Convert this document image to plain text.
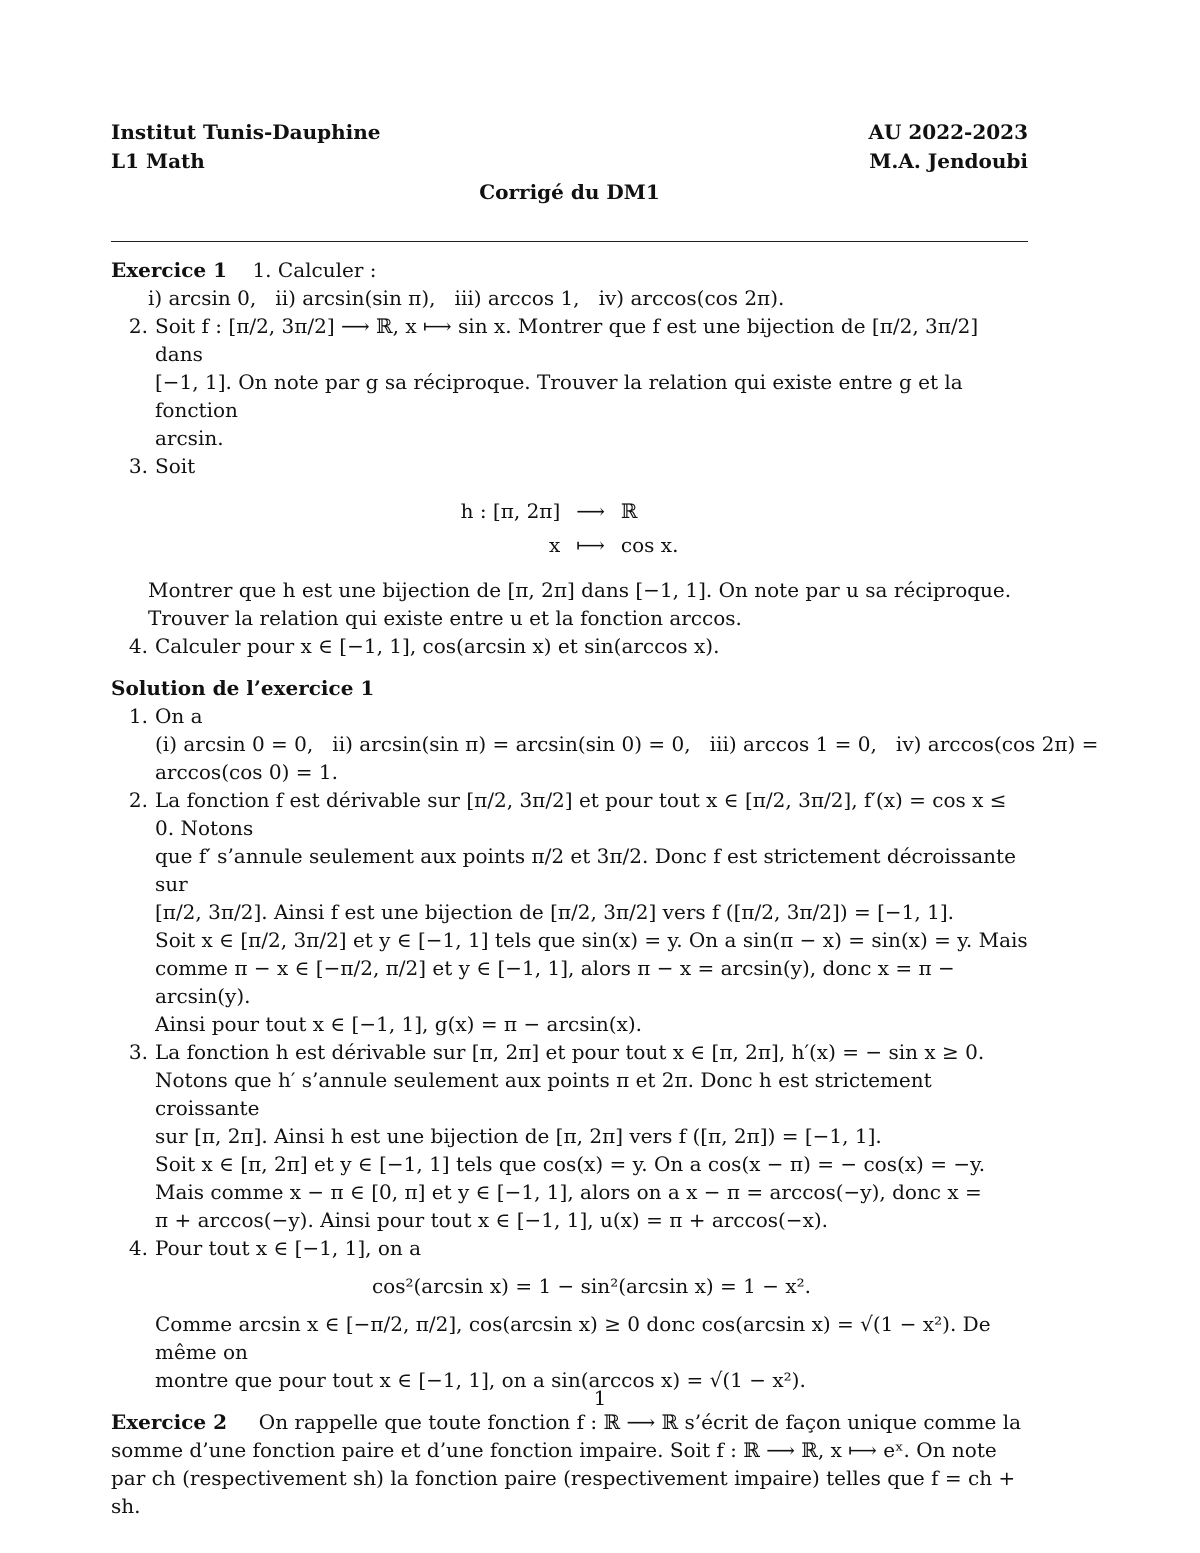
Institut Tunis-Dauphine	AU 2022-2023
L1 Math	M.A. Jendoubi
Corrigé du DM1
Exercice 1 1. Calculer :
i) arcsin 0,   ii) arcsin(sin π),   iii) arccos 1,   iv) arccos(cos 2π).
2. Soit f : [π/2, 3π/2] ⟶ ℝ, x ⟼ sin x. Montrer que f est une bijection de [π/2, 3π/2] dans
[−1, 1]. On note par g sa réciproque. Trouver la relation qui existe entre g et la fonction
arcsin.
3. Soit
h : [π, 2π]	⟶	ℝ
x	⟼	cos x.
Montrer que h est une bijection de [π, 2π] dans [−1, 1]. On note par u sa réciproque.
Trouver la relation qui existe entre u et la fonction arccos.
4. Calculer pour x ∈ [−1, 1], cos(arcsin x) et sin(arccos x).
Solution de l’exercice 1
1. On a
(i) arcsin 0 = 0,   ii) arcsin(sin π) = arcsin(sin 0) = 0,   iii) arccos 1 = 0,   iv) arccos(cos 2π) =
arccos(cos 0) = 1.
2. La fonction f est dérivable sur [π/2, 3π/2] et pour tout x ∈ [π/2, 3π/2], f′(x) = cos x ≤ 0. Notons
que f′ s’annule seulement aux points π/2 et 3π/2. Donc f est strictement décroissante sur
[π/2, 3π/2]. Ainsi f est une bijection de [π/2, 3π/2] vers f ([π/2, 3π/2]) = [−1, 1].
Soit x ∈ [π/2, 3π/2] et y ∈ [−1, 1] tels que sin(x) = y. On a sin(π − x) = sin(x) = y. Mais
comme π − x ∈ [−π/2, π/2] et y ∈ [−1, 1], alors π − x = arcsin(y), donc x = π − arcsin(y).
Ainsi pour tout x ∈ [−1, 1], g(x) = π − arcsin(x).
3. La fonction h est dérivable sur [π, 2π] et pour tout x ∈ [π, 2π], h′(x) = − sin x ≥ 0.
Notons que h′ s’annule seulement aux points π et 2π. Donc h est strictement croissante
sur [π, 2π]. Ainsi h est une bijection de [π, 2π] vers f ([π, 2π]) = [−1, 1].
Soit x ∈ [π, 2π] et y ∈ [−1, 1] tels que cos(x) = y. On a cos(x − π) = − cos(x) = −y.
Mais comme x − π ∈ [0, π] et y ∈ [−1, 1], alors on a x − π = arccos(−y), donc x =
π + arccos(−y). Ainsi pour tout x ∈ [−1, 1], u(x) = π + arccos(−x).
4. Pour tout x ∈ [−1, 1], on a
cos²(arcsin x) = 1 − sin²(arcsin x) = 1 − x².
Comme arcsin x ∈ [−π/2, π/2], cos(arcsin x) ≥ 0 donc cos(arcsin x) = √(1 − x²). De même on
montre que pour tout x ∈ [−1, 1], on a sin(arccos x) = √(1 − x²).
Exercice 2 On rappelle que toute fonction f : ℝ ⟶ ℝ s’écrit de façon unique comme la
somme d’une fonction paire et d’une fonction impaire. Soit f : ℝ ⟶ ℝ, x ⟼ eˣ. On note
par ch (respectivement sh) la fonction paire (respectivement impaire) telles que f = ch + sh.
1
